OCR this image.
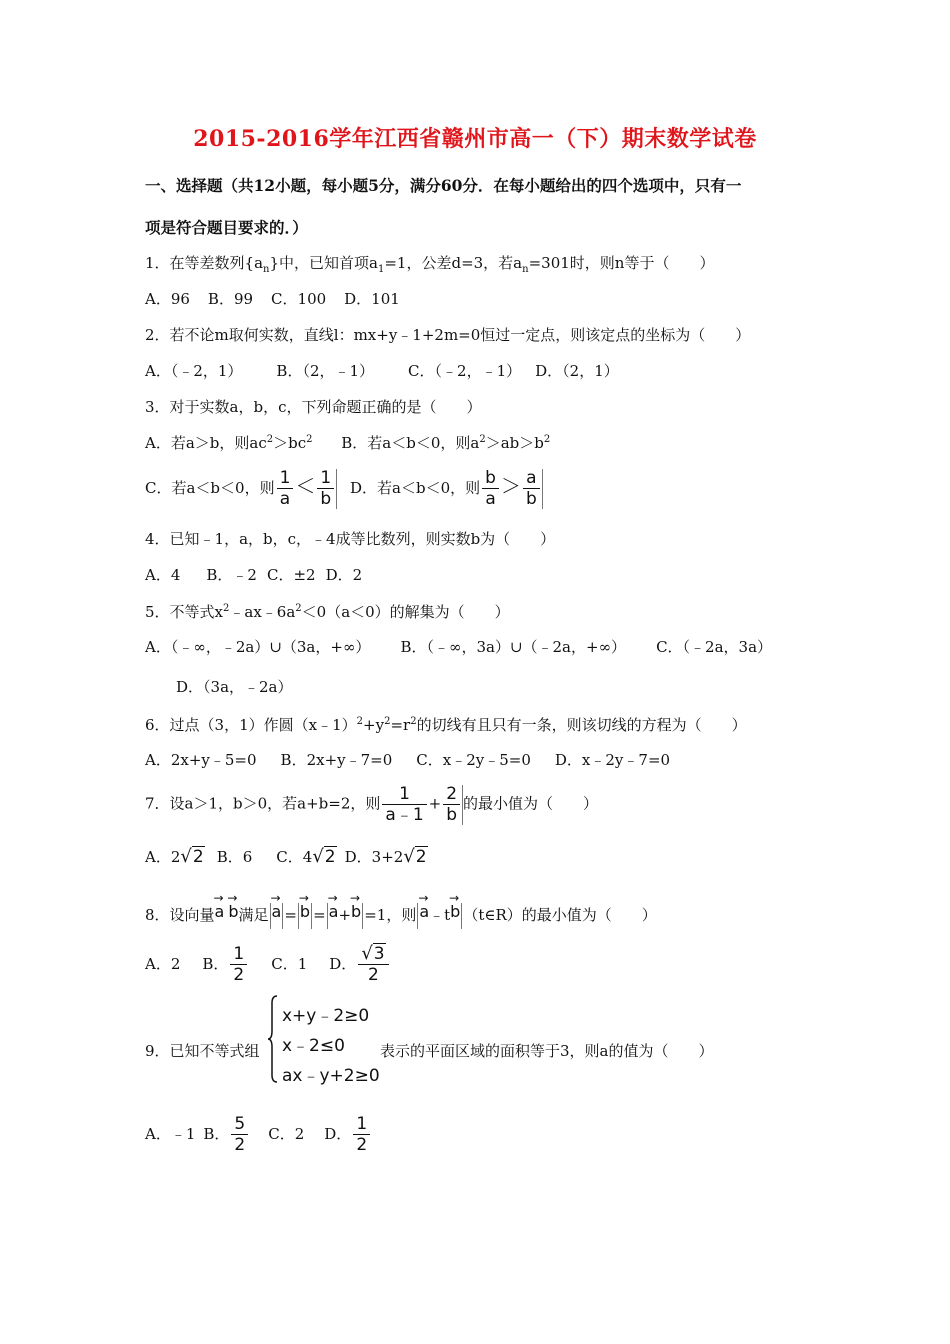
2015-2016学年江西省赣州市高一（下）期末数学试卷
一、选择题（共12小题，每小题5分，满分60分．在每小题给出的四个选项中，只有一
项是符合题目要求的．）
1．在等差数列$\{a_n\}$中，已知首项$a_1=1$，公差d=3，若$a_n=301$时，则n等于（　　）
A．96 B．99 C．100 D．101
2．若不论m取何实数，直线l：mx+y﹣1+2m=0恒过一定点，则该定点的坐标为（　　）
A．（﹣2，1） B．（2，﹣1） C．（﹣2，﹣1） D．（2，1）
3．对于实数a，b，c，下列命题正确的是（　　）
A．若a＞b，则$ac^2>bc^2$ B．若a＜b＜0，则$a^2>ab>b^2$
C．若a＜b＜0，则 $\frac{1}{a} < \frac{1}{b}$ D．若a＜b＜0，则 $\frac{b}{a} > \frac{a}{b}$
4．已知﹣1，a，b，c，﹣4成等比数列，则实数b为（　　）
A．4 B．﹣2 C．±2 D．2
5．不等式$x^2﹣ax﹣6a^2<0(a<0)$的解集为（　　）
A．（﹣∞，﹣2a）∪（3a，+∞） B．（﹣∞，3a）∪（﹣2a，+∞） C．（﹣2a，3a）
D．（3a，﹣2a）
6．过点（3，1）作圆$(x﹣1)^2+y^2=r^2$的切线有且只有一条，则该切线的方程为（　　）
A．2x+y﹣5=0 B．2x+y﹣7=0 C．x﹣2y﹣5=0 D．x﹣2y﹣7=0
7．设a＞1，b＞0，若a+b=2，则 $\frac{1}{a﹣1} + \frac{2}{b}$ 的最小值为（　　）
A．2√2 B．6 C．4√2 D．3+2√2
8．设向量→ a → b满足 → a = → b = → a+→ b =1，则 → a﹣t→ b （t∈R）的最小值为（　　）
A．2 B． $\frac{1}{2}$ C．1 D． $\frac{√3}{2}$
9．已知不等式组
x+y﹣2≥0
x﹣2≤0
ax﹣y+2≥0
表示的平面区域的面积等于3，则a的值为（　　）
A．﹣1 B． $\frac{5}{2}$ C．2 D． $\frac{1}{2}$
